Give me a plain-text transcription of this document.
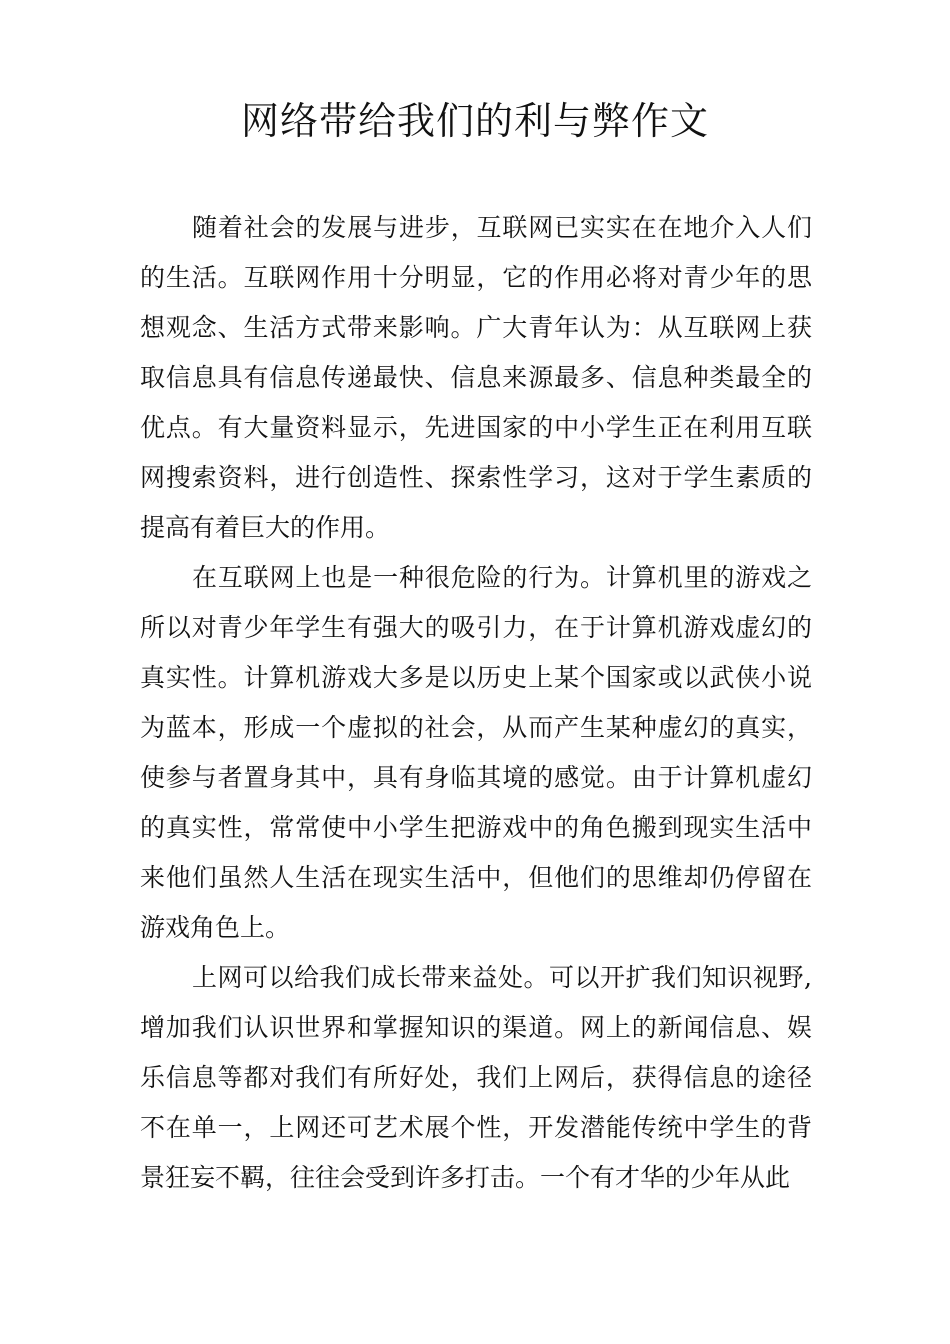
网络带给我们的利与弊作文

随着社会的发展与进步，互联网已实实在在地介入人们的生活。互联网作用十分明显，它的作用必将对青少年的思想观念、生活方式带来影响。广大青年认为：从互联网上获取信息具有信息传递最快、信息来源最多、信息种类最全的优点。有大量资料显示，先进国家的中小学生正在利用互联网搜索资料，进行创造性、探索性学习，这对于学生素质的提高有着巨大的作用。

在互联网上也是一种很危险的行为。计算机里的游戏之所以对青少年学生有强大的吸引力，在于计算机游戏虚幻的真实性。计算机游戏大多是以历史上某个国家或以武侠小说为蓝本，形成一个虚拟的社会，从而产生某种虚幻的真实，使参与者置身其中，具有身临其境的感觉。由于计算机虚幻的真实性，常常使中小学生把游戏中的角色搬到现实生活中来他们虽然人生活在现实生活中，但他们的思维却仍停留在游戏角色上。

上网可以给我们成长带来益处。可以开扩我们知识视野,增加我们认识世界和掌握知识的渠道。网上的新闻信息、娱乐信息等都对我们有所好处，我们上网后，获得信息的途径不在单一，上网还可艺术展个性，开发潜能传统中学生的背景狂妄不羁，往往会受到许多打击。一个有才华的少年从此
